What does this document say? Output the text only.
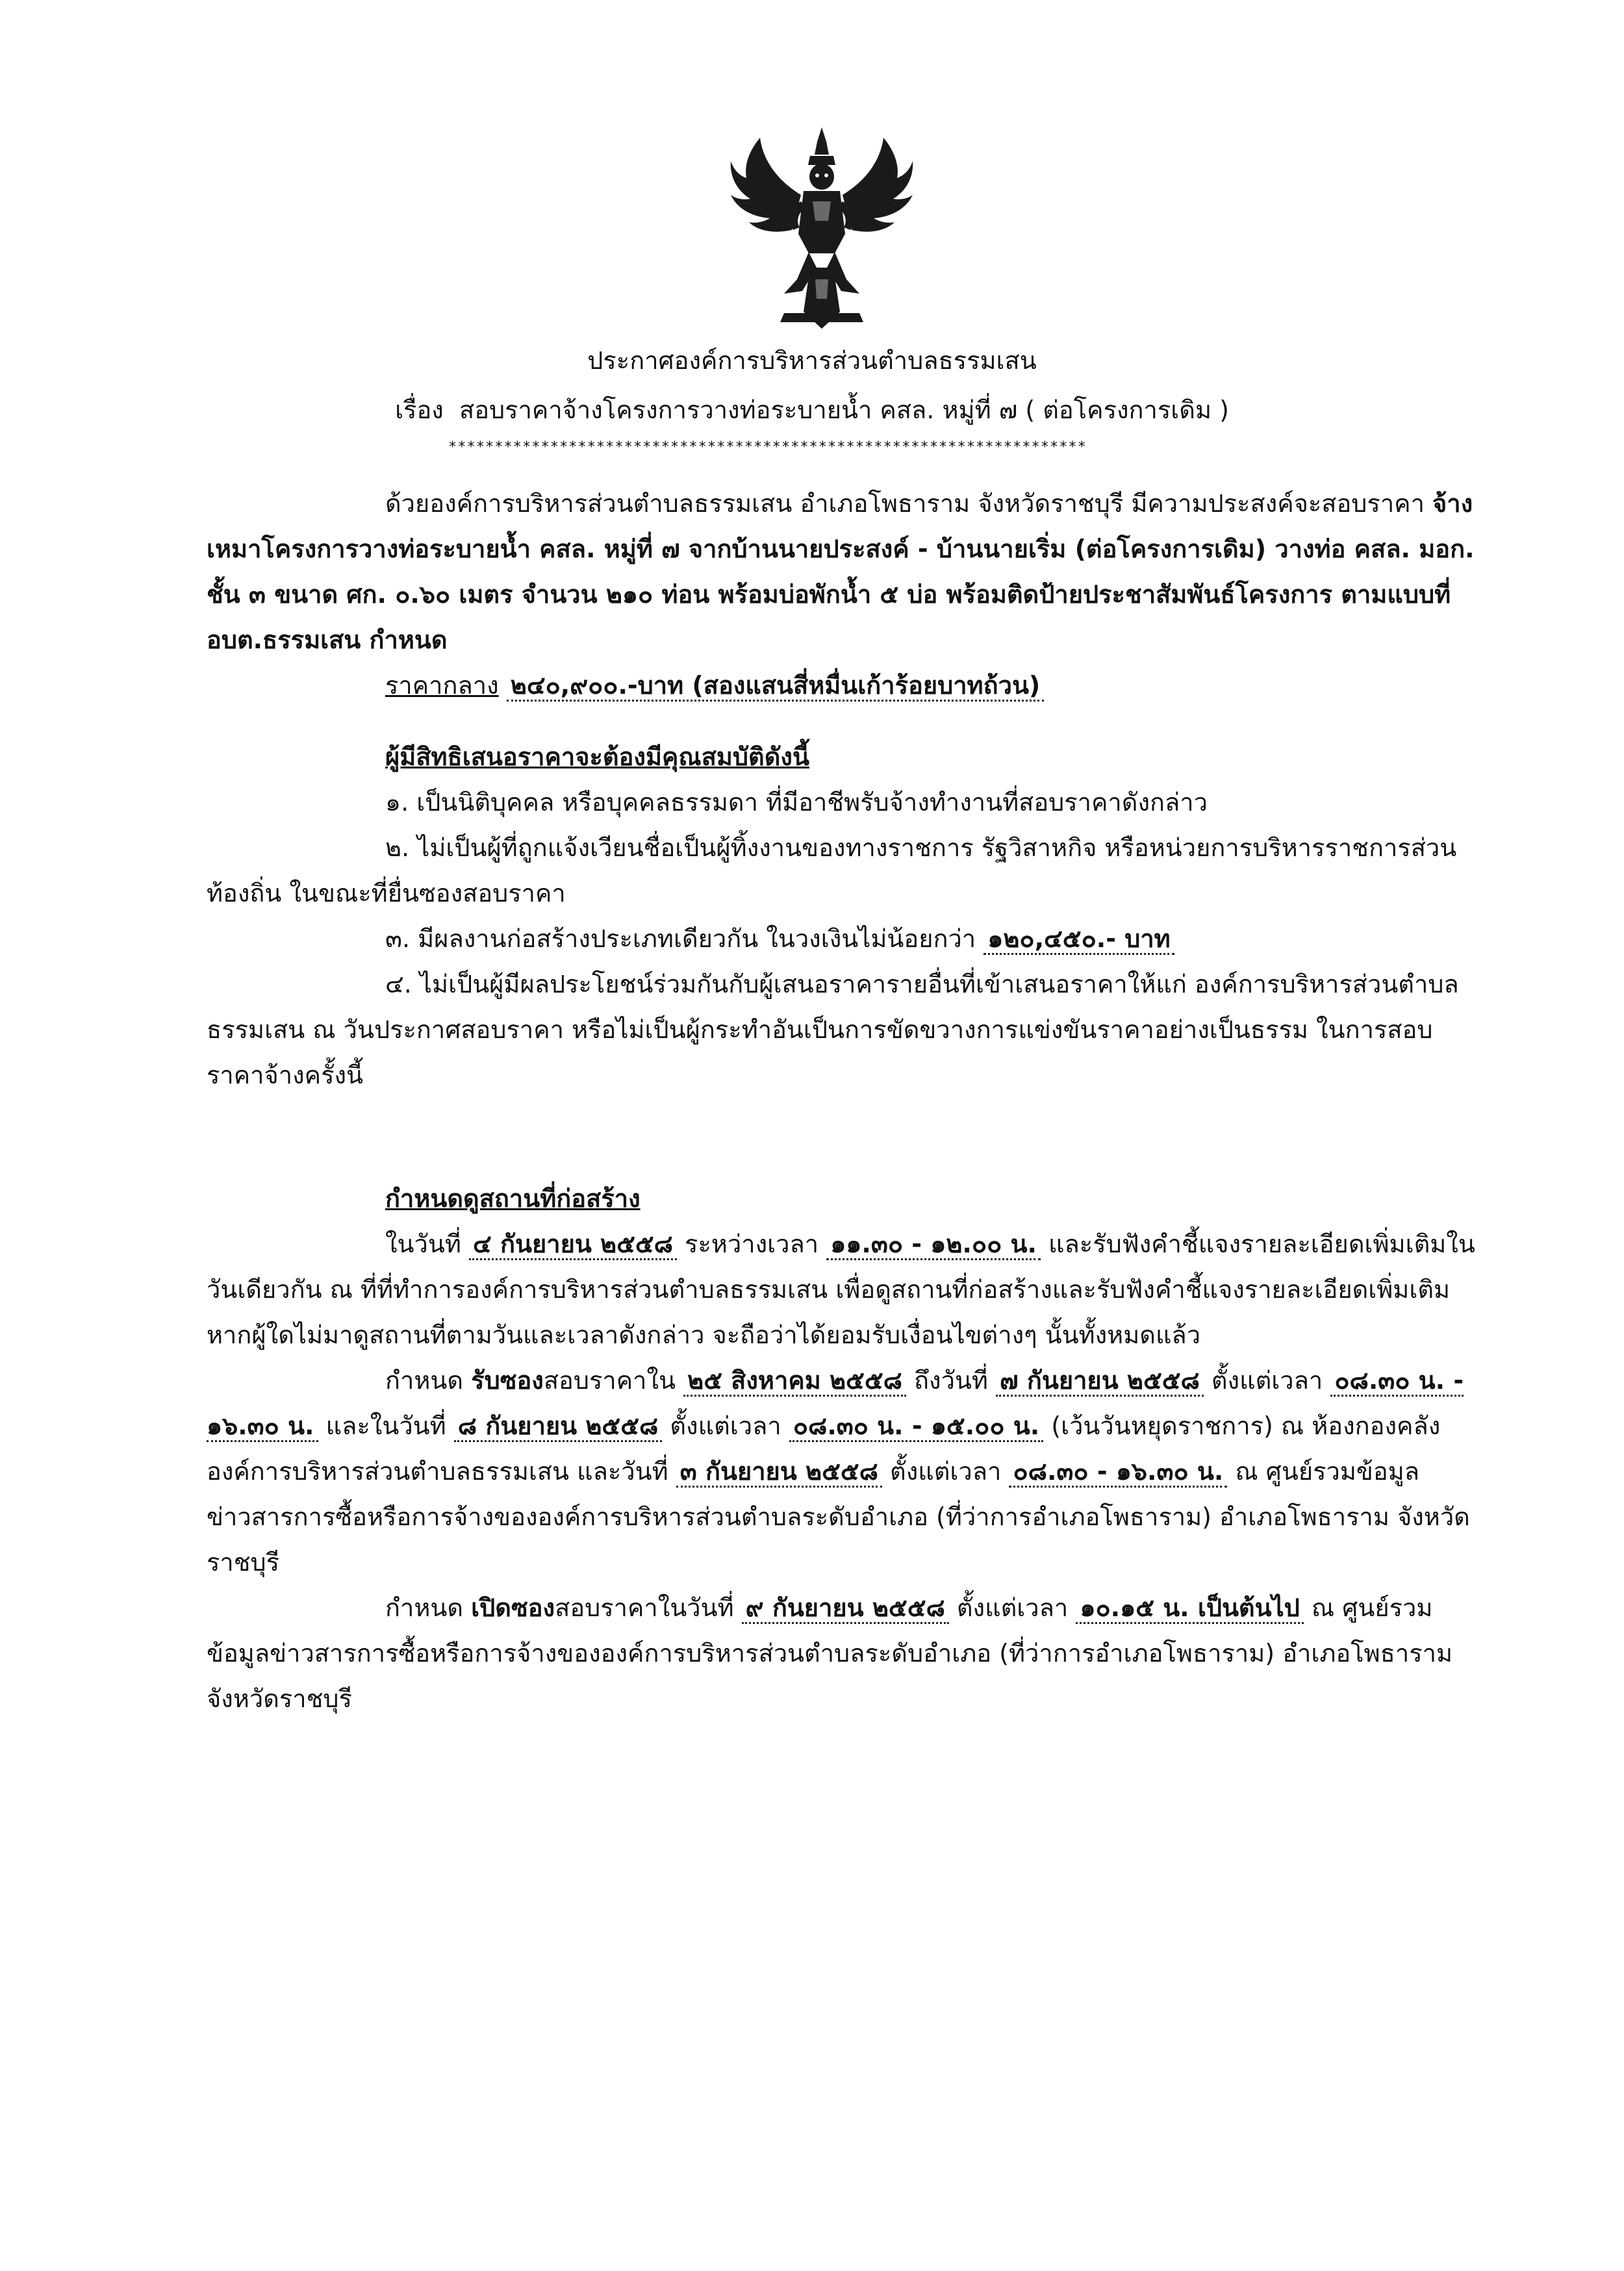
ประกาศองค์การบริหารส่วนตำบลธรรมเสน
เรื่อง สอบราคาจ้างโครงการวางท่อระบายน้ำ คสล. หมู่ที่ ๗ ( ต่อโครงการเดิม )
*********************************************************************

ด้วยองค์การบริหารส่วนตำบลธรรมเสน อำเภอโพธาราม จังหวัดราชบุรี มีความประสงค์จะสอบราคา จ้างเหมาโครงการวางท่อระบายน้ำ คสล. หมู่ที่ ๗ จากบ้านนายประสงค์ - บ้านนายเริ่ม (ต่อโครงการเดิม) วางท่อ คสล. มอก. ชั้น ๓ ขนาด ศก. ๐.๖๐ เมตร จำนวน ๒๑๐ ท่อน พร้อมบ่อพักน้ำ ๕ บ่อ พร้อมติดป้ายประชาสัมพันธ์โครงการ ตามแบบที่ อบต.ธรรมเสน กำหนด

ราคากลาง ๒๔๐,๙๐๐.-บาท (สองแสนสี่หมื่นเก้าร้อยบาทถ้วน)

ผู้มีสิทธิเสนอราคาจะต้องมีคุณสมบัติดังนี้

๑. เป็นนิติบุคคล หรือบุคคลธรรมดา ที่มีอาชีพรับจ้างทำงานที่สอบราคาดังกล่าว

๒. ไม่เป็นผู้ที่ถูกแจ้งเวียนชื่อเป็นผู้ทิ้งงานของทางราชการ รัฐวิสาหกิจ หรือหน่วยการบริหารราชการส่วนท้องถิ่น ในขณะที่ยื่นซองสอบราคา

๓. มีผลงานก่อสร้างประเภทเดียวกัน ในวงเงินไม่น้อยกว่า ๑๒๐,๔๕๐.- บาท

๔. ไม่เป็นผู้มีผลประโยชน์ร่วมกันกับผู้เสนอราคารายอื่นที่เข้าเสนอราคาให้แก่ องค์การบริหารส่วนตำบลธรรมเสน ณ วันประกาศสอบราคา หรือไม่เป็นผู้กระทำอันเป็นการขัดขวางการแข่งขันราคาอย่างเป็นธรรม ในการสอบราคาจ้างครั้งนี้

กำหนดดูสถานที่ก่อสร้าง

ในวันที่ ๔ กันยายน ๒๕๕๘ ระหว่างเวลา ๑๑.๓๐ - ๑๒.๐๐ น. และรับฟังคำชี้แจงรายละเอียดเพิ่มเติมในวันเดียวกัน ณ ที่ที่ทำการองค์การบริหารส่วนตำบลธรรมเสน เพื่อดูสถานที่ก่อสร้างและรับฟังคำชี้แจงรายละเอียดเพิ่มเติม หากผู้ใดไม่มาดูสถานที่ตามวันและเวลาดังกล่าว จะถือว่าได้ยอมรับเงื่อนไขต่างๆ นั้นทั้งหมดแล้ว

กำหนด รับซองสอบราคาใน ๒๕ สิงหาคม ๒๕๕๘ ถึงวันที่ ๗ กันยายน ๒๕๕๘ ตั้งแต่เวลา ๐๘.๓๐ น. - ๑๖.๓๐ น. และในวันที่ ๘ กันยายน ๒๕๕๘ ตั้งแต่เวลา ๐๘.๓๐ น. - ๑๕.๐๐ น. (เว้นวันหยุดราชการ) ณ ห้องกองคลัง องค์การบริหารส่วนตำบลธรรมเสน และวันที่ ๓ กันยายน ๒๕๕๘ ตั้งแต่เวลา ๐๘.๓๐ - ๑๖.๓๐ น. ณ ศูนย์รวมข้อมูลข่าวสารการซื้อหรือการจ้างขององค์การบริหารส่วนตำบลระดับอำเภอ (ที่ว่าการอำเภอโพธาราม) อำเภอโพธาราม จังหวัดราชบุรี

กำหนด เปิดซองสอบราคาในวันที่ ๙ กันยายน ๒๕๕๘ ตั้งแต่เวลา ๑๐.๑๕ น. เป็นต้นไป ณ ศูนย์รวมข้อมูลข่าวสารการซื้อหรือการจ้างขององค์การบริหารส่วนตำบลระดับอำเภอ (ที่ว่าการอำเภอโพธาราม) อำเภอโพธาราม จังหวัดราชบุรี
